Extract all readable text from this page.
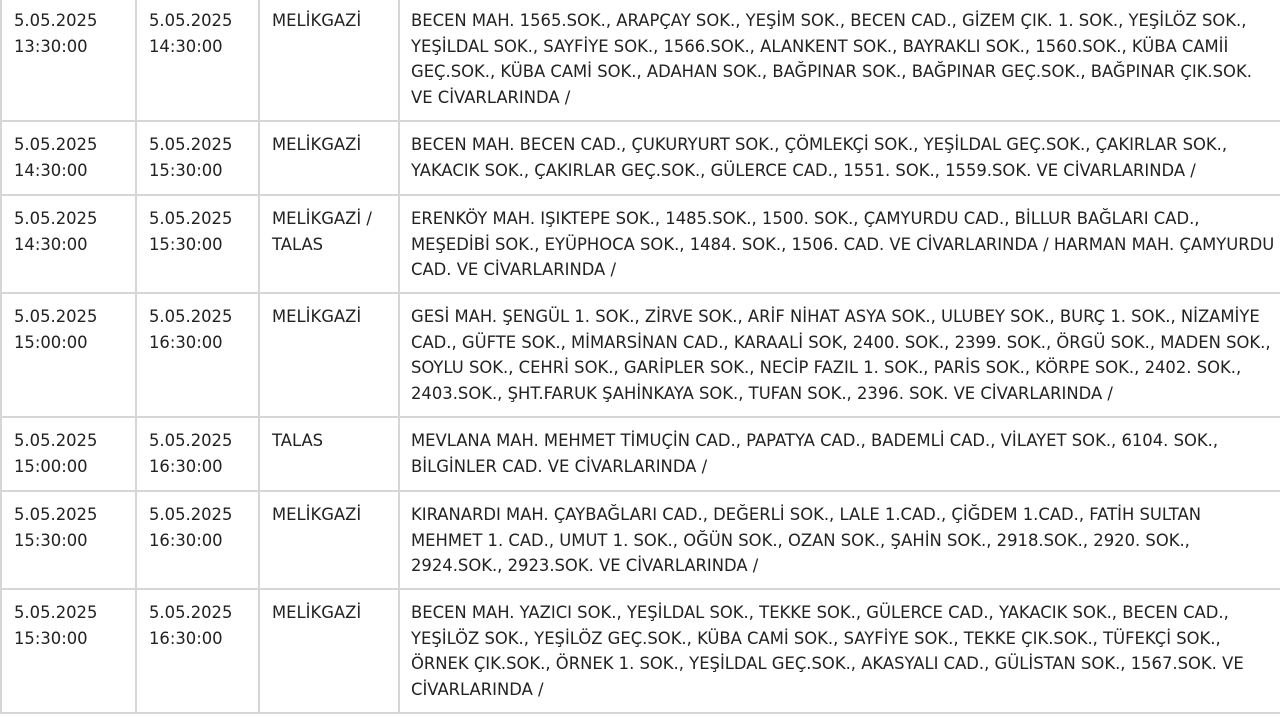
5.05.2025
13:30:00	5.05.2025
14:30:00	MELİKGAZİ	BECEN MAH. 1565.SOK., ARAPÇAY SOK., YEŞİM SOK., BECEN CAD., GİZEM ÇIK. 1. SOK., YEŞİLÖZ SOK., YEŞİLDAL SOK., SAYFİYE SOK., 1566.SOK., ALANKENT SOK., BAYRAKLI SOK., 1560.SOK., KÜBA CAMİİ GEÇ.SOK., KÜBA CAMİ SOK., ADAHAN SOK., BAĞPINAR SOK., BAĞPINAR GEÇ.SOK., BAĞPINAR ÇIK.SOK. VE CİVARLARINDA /

5.05.2025
14:30:00	5.05.2025
15:30:00	MELİKGAZİ	BECEN MAH. BECEN CAD., ÇUKURYURT SOK., ÇÖMLEKÇİ SOK., YEŞİLDAL GEÇ.SOK., ÇAKIRLAR SOK., YAKACIK SOK., ÇAKIRLAR GEÇ.SOK., GÜLERCE CAD., 1551. SOK., 1559.SOK. VE CİVARLARINDA /

5.05.2025
14:30:00	5.05.2025
15:30:00	MELİKGAZİ / TALAS	ERENKÖY MAH. IŞIKTEPE SOK., 1485.SOK., 1500. SOK., ÇAMYURDU CAD., BİLLUR BAĞLARI CAD., MEŞEDİBİ SOK., EYÜPHOCA SOK., 1484. SOK., 1506. CAD. VE CİVARLARINDA / HARMAN MAH. ÇAMYURDU CAD. VE CİVARLARINDA /

5.05.2025
15:00:00	5.05.2025
16:30:00	MELİKGAZİ	GESİ MAH. ŞENGÜL 1. SOK., ZİRVE SOK., ARİF NİHAT ASYA SOK., ULUBEY SOK., BURÇ 1. SOK., NİZAMİYE CAD., GÜFTE SOK., MİMARSİNAN CAD., KARAALİ SOK, 2400. SOK., 2399. SOK., ÖRGÜ SOK., MADEN SOK., SOYLU SOK., CEHRİ SOK., GARİPLER SOK., NECİP FAZIL 1. SOK., PARİS SOK., KÖRPE SOK., 2402. SOK., 2403.SOK., ŞHT.FARUK ŞAHİNKAYA SOK., TUFAN SOK., 2396. SOK. VE CİVARLARINDA /

5.05.2025
15:00:00	5.05.2025
16:30:00	TALAS	MEVLANA MAH. MEHMET TİMUÇİN CAD., PAPATYA CAD., BADEMLİ CAD., VİLAYET SOK., 6104. SOK., BİLGİNLER CAD. VE CİVARLARINDA /

5.05.2025
15:30:00	5.05.2025
16:30:00	MELİKGAZİ	KIRANARDI MAH. ÇAYBAĞLARI CAD., DEĞERLİ SOK., LALE 1.CAD., ÇİĞDEM 1.CAD., FATİH SULTAN MEHMET 1. CAD., UMUT 1. SOK., OĞÜN SOK., OZAN SOK., ŞAHİN SOK., 2918.SOK., 2920. SOK., 2924.SOK., 2923.SOK. VE CİVARLARINDA /

5.05.2025
15:30:00	5.05.2025
16:30:00	MELİKGAZİ	BECEN MAH. YAZICI SOK., YEŞİLDAL SOK., TEKKE SOK., GÜLERCE CAD., YAKACIK SOK., BECEN CAD., YEŞİLÖZ SOK., YEŞİLÖZ GEÇ.SOK., KÜBA CAMİ SOK., SAYFİYE SOK., TEKKE ÇIK.SOK., TÜFEKÇİ SOK., ÖRNEK ÇIK.SOK., ÖRNEK 1. SOK., YEŞİLDAL GEÇ.SOK., AKASYALI CAD., GÜLİSTAN SOK., 1567.SOK. VE CİVARLARINDA /
